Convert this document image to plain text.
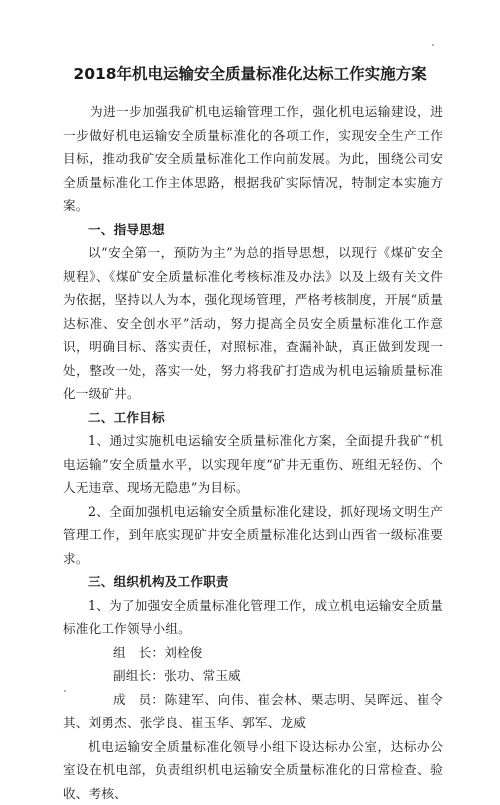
2018年机电运输安全质量标准化达标工作实施方案

为进一步加强我矿机电运输管理工作，强化机电运输建设，进一步做好机电运输安全质量标准化的各项工作，实现安全生产工作目标，推动我矿安全质量标准化工作向前发展。为此，围绕公司安全质量标准化工作主体思路，根据我矿实际情况，特制定本实施方案。

一、指导思想

以“安全第一，预防为主”为总的指导思想，以现行《煤矿安全规程》、《煤矿安全质量标准化考核标准及办法》以及上级有关文件为依据，坚持以人为本，强化现场管理，严格考核制度，开展“质量达标准、安全创水平”活动，努力提高全员安全质量标准化工作意识，明确目标、落实责任，对照标准，查漏补缺，真正做到发现一处，整改一处，落实一处，努力将我矿打造成为机电运输质量标准化一级矿井。

二、工作目标

1、通过实施机电运输安全质量标准化方案，全面提升我矿“机电运输”安全质量水平，以实现年度“矿井无重伤、班组无轻伤、个人无违章、现场无隐患”为目标。

2、全面加强机电运输安全质量标准化建设，抓好现场文明生产管理工作，到年底实现矿井安全质量标准化达到山西省一级标准要求。

三、组织机构及工作职责

1、为了加强安全质量标准化管理工作，成立机电运输安全质量标准化工作领导小组。

组　长：刘栓俊

副组长：张功、常玉威

成　员：陈建军、向伟、崔会林、栗志明、吴晖远、崔令其、刘勇杰、张学良、崔玉华、郭军、龙威

机电运输安全质量标准化领导小组下设达标办公室，达标办公室设在机电部，负责组织机电运输安全质量标准化的日常检查、验收、考核、
